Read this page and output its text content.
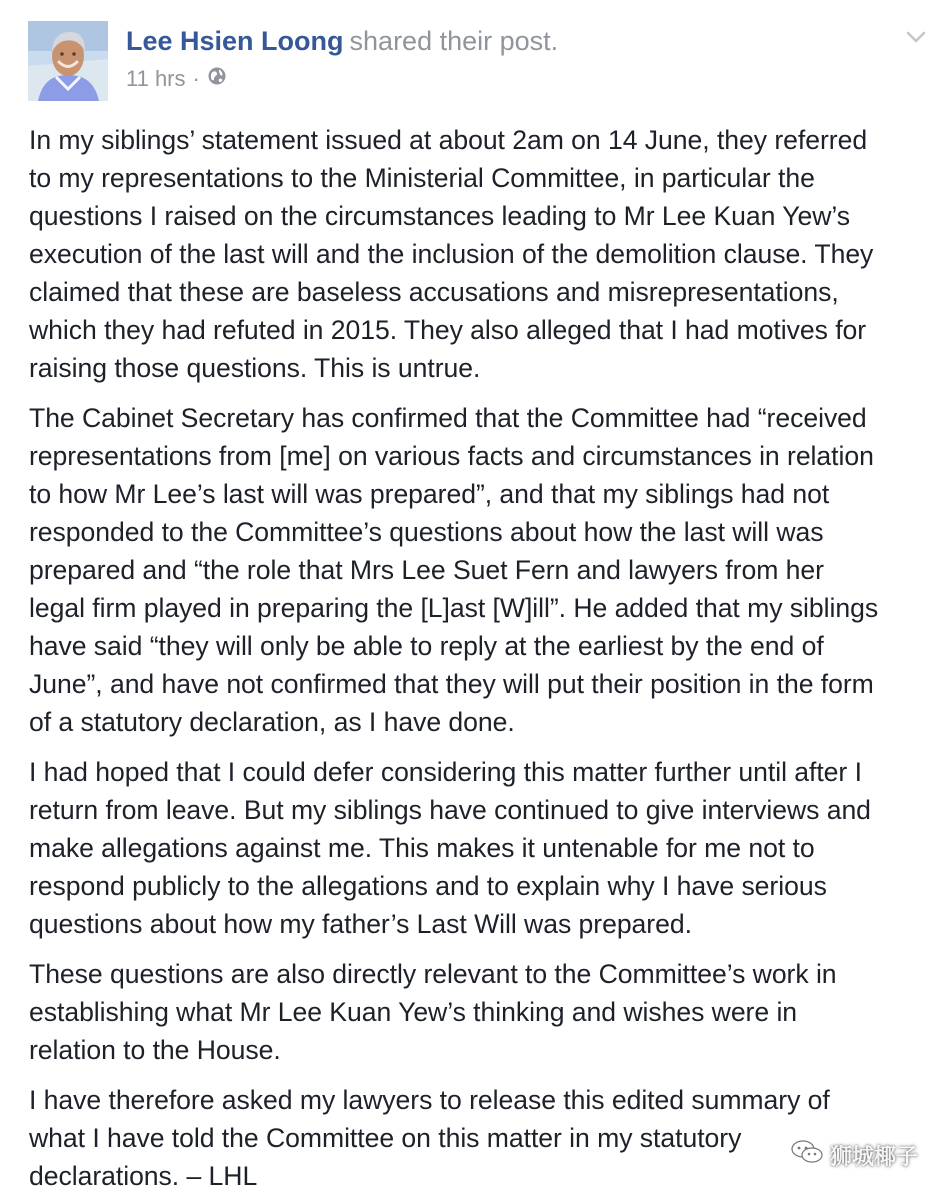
Lee Hsien Loong shared their post.
11 hrs ·

In my siblings’ statement issued at about 2am on 14 June, they referred
to my representations to the Ministerial Committee, in particular the
questions I raised on the circumstances leading to Mr Lee Kuan Yew’s
execution of the last will and the inclusion of the demolition clause. They
claimed that these are baseless accusations and misrepresentations,
which they had refuted in 2015. They also alleged that I had motives for
raising those questions. This is untrue.

The Cabinet Secretary has confirmed that the Committee had “received
representations from [me] on various facts and circumstances in relation
to how Mr Lee’s last will was prepared”, and that my siblings had not
responded to the Committee’s questions about how the last will was
prepared and “the role that Mrs Lee Suet Fern and lawyers from her
legal firm played in preparing the [L]ast [W]ill”. He added that my siblings
have said “they will only be able to reply at the earliest by the end of
June”, and have not confirmed that they will put their position in the form
of a statutory declaration, as I have done.

I had hoped that I could defer considering this matter further until after I
return from leave. But my siblings have continued to give interviews and
make allegations against me. This makes it untenable for me not to
respond publicly to the allegations and to explain why I have serious
questions about how my father’s Last Will was prepared.

These questions are also directly relevant to the Committee’s work in
establishing what Mr Lee Kuan Yew’s thinking and wishes were in
relation to the House.

I have therefore asked my lawyers to release this edited summary of
what I have told the Committee on this matter in my statutory
declarations. – LHL

狮城椰子
